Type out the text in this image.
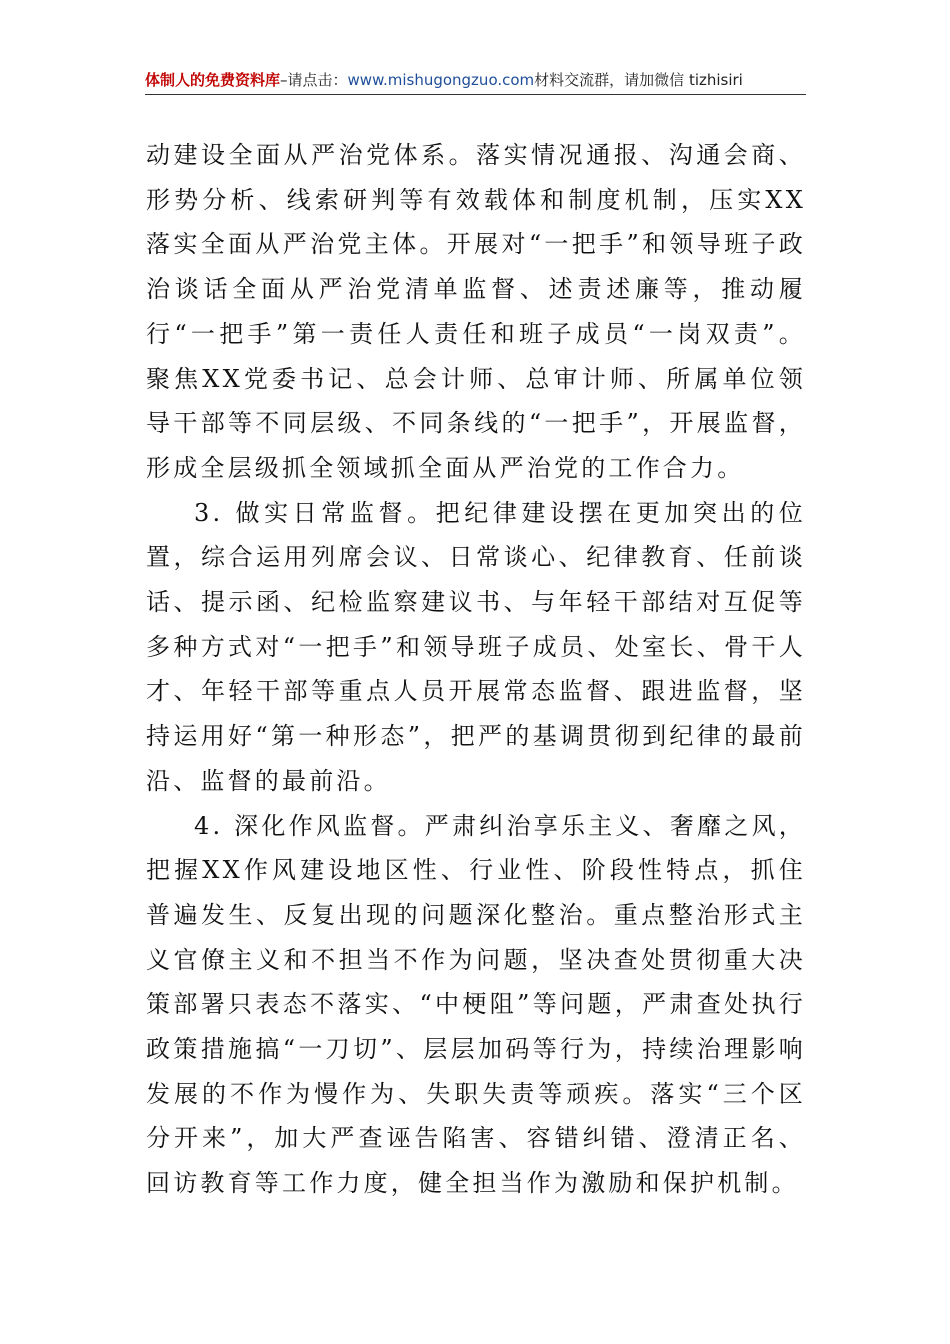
体制人的免费资料库–请点击：www.mishugongzuo.com材料交流群，请加微信 tizhisiri

动建设全面从严治党体系。落实情况通报、沟通会商、形势分析、线索研判等有效载体和制度机制，压实XX落实全面从严治党主体。开展对“一把手”和领导班子政治谈话全面从严治党清单监督、述责述廉等，推动履行“一把手”第一责任人责任和班子成员“一岗双责”。聚焦XX党委书记、总会计师、总审计师、所属单位领导干部等不同层级、不同条线的“一把手”，开展监督，形成全层级抓全领域抓全面从严治党的工作合力。

3. 做实日常监督。把纪律建设摆在更加突出的位置，综合运用列席会议、日常谈心、纪律教育、任前谈话、提示函、纪检监察建议书、与年轻干部结对互促等多种方式对“一把手”和领导班子成员、处室长、骨干人才、年轻干部等重点人员开展常态监督、跟进监督，坚持运用好“第一种形态”，把严的基调贯彻到纪律的最前沿、监督的最前沿。

4. 深化作风监督。严肃纠治享乐主义、奢靡之风，把握XX作风建设地区性、行业性、阶段性特点，抓住普遍发生、反复出现的问题深化整治。重点整治形式主义官僚主义和不担当不作为问题，坚决查处贯彻重大决策部署只表态不落实、“中梗阻”等问题，严肃查处执行政策措施搞“一刀切”、层层加码等行为，持续治理影响发展的不作为慢作为、失职失责等顽疾。落实“三个区分开来”，加大严查诬告陷害、容错纠错、澄清正名、回访教育等工作力度，健全担当作为激励和保护机制。
